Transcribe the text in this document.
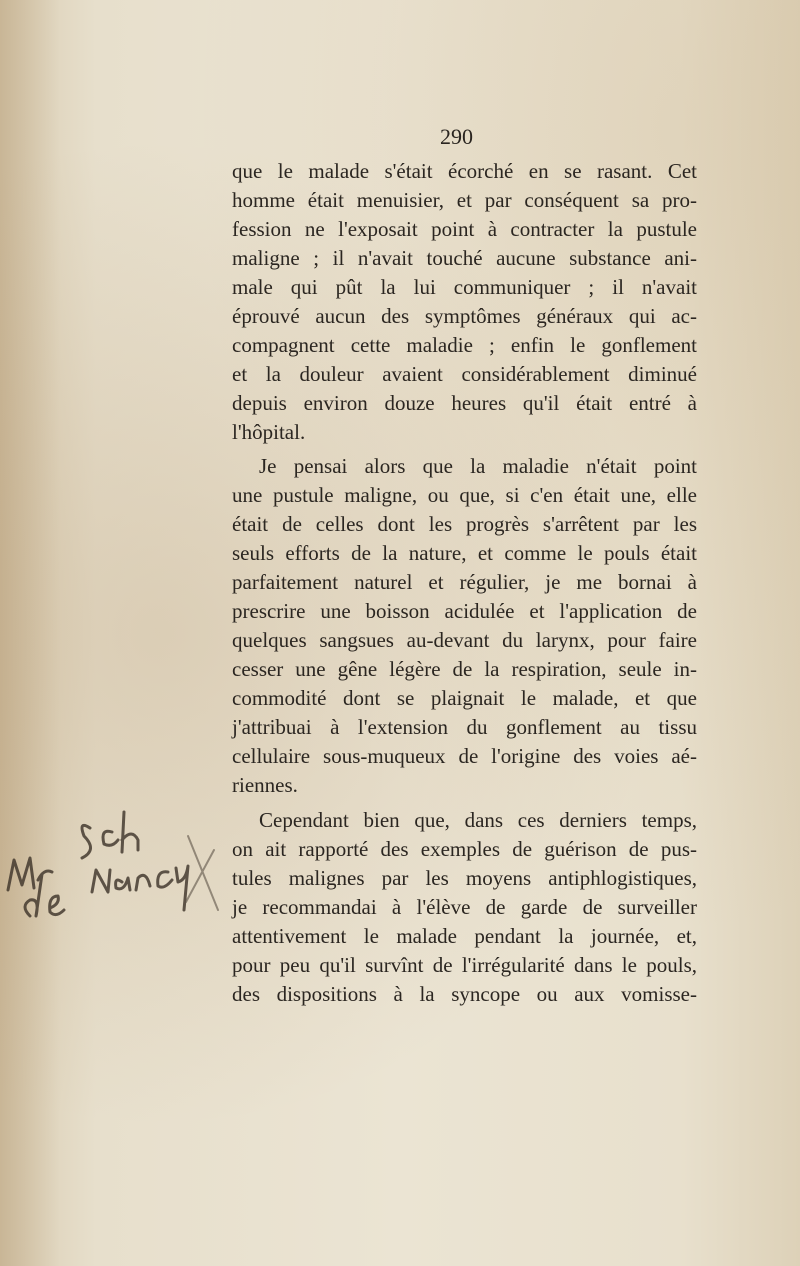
290
que le malade s'était écorché en se rasant. Cet
homme était menuisier, et par conséquent sa pro-
fession ne l'exposait point à contracter la pustule
maligne ; il n'avait touché aucune substance ani-
male qui pût la lui communiquer ; il n'avait
éprouvé aucun des symptômes généraux qui ac-
compagnent cette maladie ; enfin le gonflement
et la douleur avaient considérablement diminué
depuis environ douze heures qu'il était entré à
l'hôpital.
Je pensai alors que la maladie n'était point
une pustule maligne, ou que, si c'en était une, elle
était de celles dont les progrès s'arrêtent par les
seuls efforts de la nature, et comme le pouls était
parfaitement naturel et régulier, je me bornai à
prescrire une boisson acidulée et l'application de
quelques sangsues au-devant du larynx, pour faire
cesser une gêne légère de la respiration, seule in-
commodité dont se plaignait le malade, et que
j'attribuai à l'extension du gonflement au tissu
cellulaire sous-muqueux de l'origine des voies aé-
riennes.
Cependant bien que, dans ces derniers temps,
on ait rapporté des exemples de guérison de pus-
tules malignes par les moyens antiphlogistiques,
je recommandai à l'élève de garde de surveiller
attentivement le malade pendant la journée, et,
pour peu qu'il survînt de l'irrégularité dans le pouls,
des dispositions à la syncope ou aux vomisse-
